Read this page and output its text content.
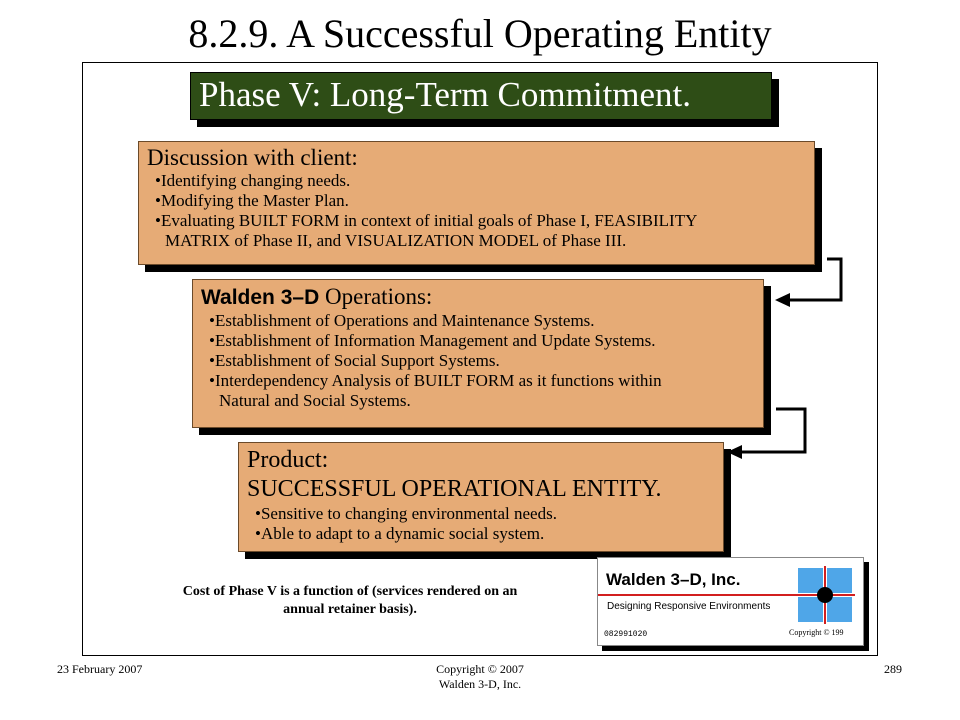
8.2.9. A Successful Operating Entity
Phase V: Long-Term Commitment.
Discussion with client:
• Identifying changing needs.
• Modifying the Master Plan.
• Evaluating BUILT FORM in context of initial goals of Phase I, FEASIBILITY
MATRIX of Phase II, and VISUALIZATION MODEL of Phase III.
Walden 3–D Operations:
• Establishment of Operations and Maintenance Systems.
• Establishment of Information Management and Update Systems.
• Establishment of Social Support Systems.
• Interdependency Analysis of BUILT FORM as it functions within
Natural and Social Systems.
Product:
SUCCESSFUL OPERATIONAL ENTITY.
• Sensitive to changing environmental needs.
• Able to adapt to a dynamic social system.
Cost of Phase V is a function of (services rendered on an
annual retainer basis).
Walden 3–D, Inc.
Designing Responsive Environments
082991020	Copyright © 199
23 February 2007	Copyright © 2007
Walden 3-D, Inc.
289
